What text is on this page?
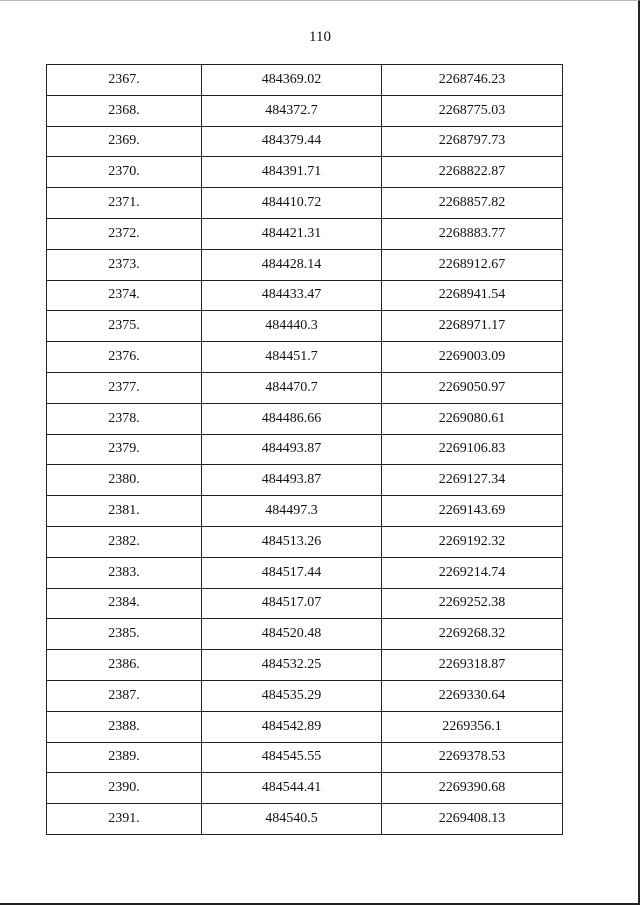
110
2367.	484369.02	2268746.23
2368.	484372.7	2268775.03
2369.	484379.44	2268797.73
2370.	484391.71	2268822.87
2371.	484410.72	2268857.82
2372.	484421.31	2268883.77
2373.	484428.14	2268912.67
2374.	484433.47	2268941.54
2375.	484440.3	2268971.17
2376.	484451.7	2269003.09
2377.	484470.7	2269050.97
2378.	484486.66	2269080.61
2379.	484493.87	2269106.83
2380.	484493.87	2269127.34
2381.	484497.3	2269143.69
2382.	484513.26	2269192.32
2383.	484517.44	2269214.74
2384.	484517.07	2269252.38
2385.	484520.48	2269268.32
2386.	484532.25	2269318.87
2387.	484535.29	2269330.64
2388.	484542.89	2269356.1
2389.	484545.55	2269378.53
2390.	484544.41	2269390.68
2391.	484540.5	2269408.13
